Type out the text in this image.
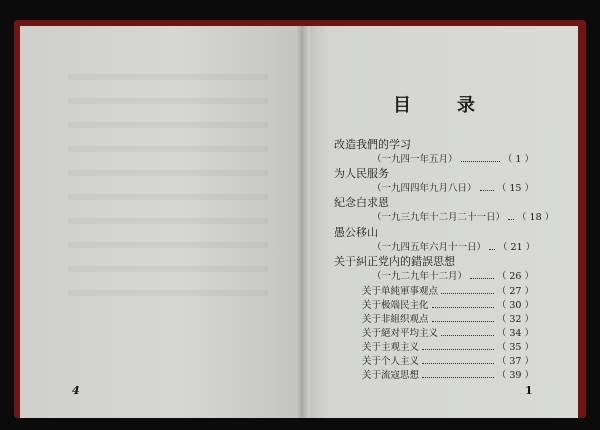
4	1
目	录
改造我們的学习
（一九四一年五月）	（ 1 ）
为人民服务
（一九四四年九月八日） （ 15 ）
紀念白求恩
（一九三九年十二月二十一日） （ 18 ）
愚公移山
（一九四五年六月十一日） （ 21 ）
关于糾正党内的錯誤思想
（一九二九年十二月）	（ 26 ）
关于单純軍事观点	（ 27 ）
关于极端民主化	（ 30 ）
关于非組织观点	（ 32 ）
关于絕对平均主义	（ 34 ）
关于主观主义	（ 35 ）
关于个人主义	（ 37 ）
关于流寇思想	（ 39 ）
